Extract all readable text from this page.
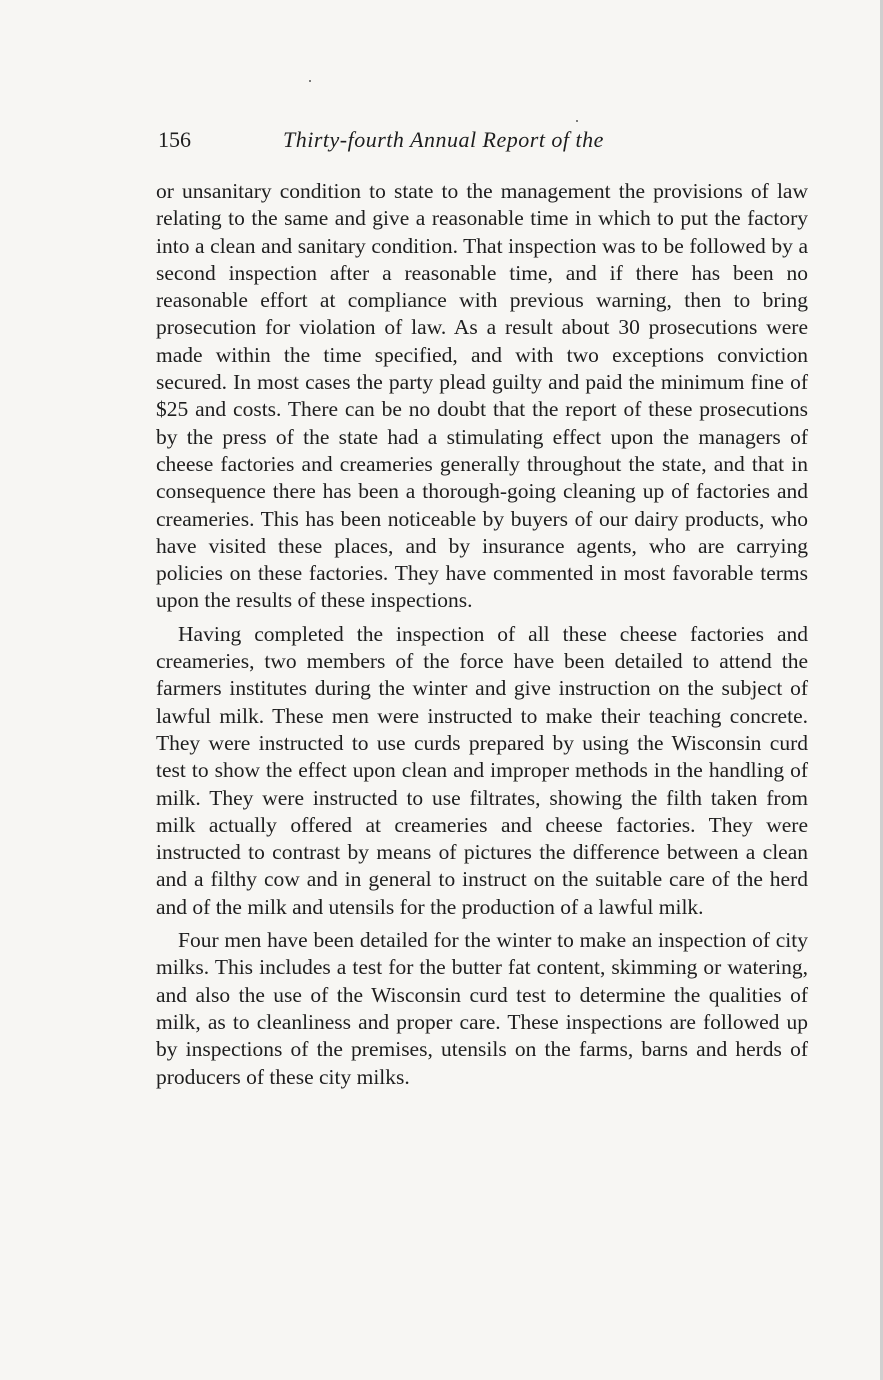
156	Thirty-fourth Annual Report of the

or unsanitary condition to state to the management the provisions of law relating to the same and give a reasonable time in which to put the factory into a clean and sanitary condition. That inspection was to be followed by a second inspection after a reasonable time, and if there has been no reasonable effort at compliance with previous warning, then to bring prosecution for violation of law. As a result about 30 prosecutions were made within the time specified, and with two exceptions conviction secured. In most cases the party plead guilty and paid the minimum fine of $25 and costs. There can be no doubt that the report of these prosecutions by the press of the state had a stimulating effect upon the managers of cheese factories and creameries generally throughout the state, and that in consequence there has been a thorough-going cleaning up of factories and creameries. This has been noticeable by buyers of our dairy products, who have visited these places, and by insurance agents, who are carrying policies on these factories. They have commented in most favorable terms upon the results of these inspections.

Having completed the inspection of all these cheese factories and creameries, two members of the force have been detailed to attend the farmers institutes during the winter and give instruction on the subject of lawful milk. These men were instructed to make their teaching concrete. They were instructed to use curds prepared by using the Wisconsin curd test to show the effect upon clean and improper methods in the handling of milk. They were instructed to use filtrates, showing the filth taken from milk actually offered at creameries and cheese factories. They were instructed to contrast by means of pictures the difference between a clean and a filthy cow and in general to instruct on the suitable care of the herd and of the milk and utensils for the production of a lawful milk.

Four men have been detailed for the winter to make an inspection of city milks. This includes a test for the butter fat content, skimming or watering, and also the use of the Wisconsin curd test to determine the qualities of milk, as to cleanliness and proper care. These inspections are followed up by inspections of the premises, utensils on the farms, barns and herds of producers of these city milks.
